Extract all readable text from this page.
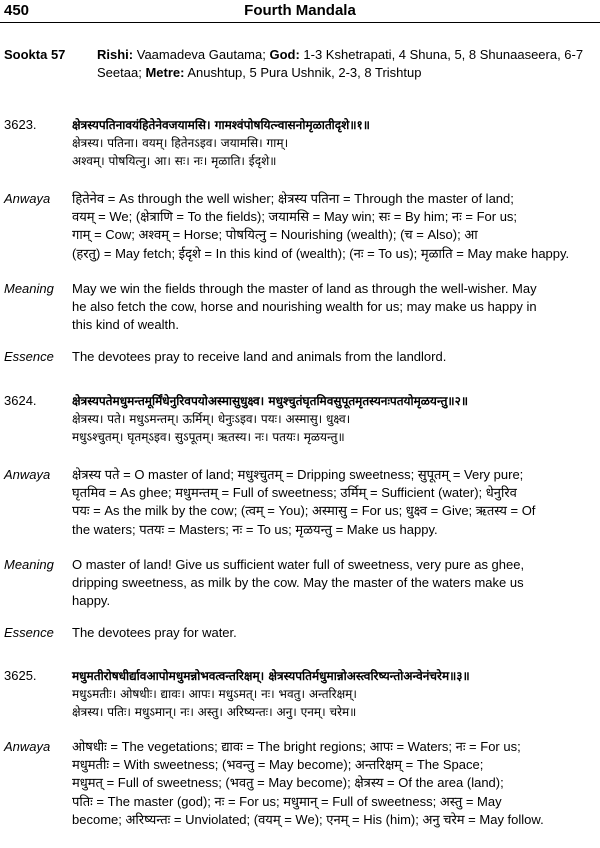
450	Fourth Mandala
Sookta 57 Rishi: Vaamadeva Gautama; God: 1-3 Kshetrapati, 4 Shuna, 5, 8 Shunaaseera, 6-7 Seetaa; Metre: Anushtup, 5 Pura Ushnik, 2-3, 8 Trishtup
3623.	क्षेत्रस्यपतिनावयंहितेनेवजयामसि। गामश्वंपोषयित्न्वासनोमृळातीदृशे॥१॥

क्षेत्रस्य। पतिना। वयम्। हितेनऽइव। जयामसि। गाम्।

अश्वम्। पोषयित्नु। आ। सः। नः। मृळाति। ईदृशे॥

Anwaya हितेनेव = As through the well wisher; क्षेत्रस्य पतिना = Through the master of land;

वयम् = We; (क्षेत्राणि = To the fields); जयामसि = May win; सः = By him; नः = For us;

गाम् = Cow; अश्वम् = Horse; पोषयित्नु = Nourishing (wealth); (च = Also); आ

(हरतु) = May fetch; ईदृशे = In this kind of (wealth); (नः = To us); मृळाति = May make happy.

Meaning May we win the fields through the master of land as through the well-wisher. May

he also fetch the cow, horse and nourishing wealth for us; may make us happy in

this kind of wealth.

Essence The devotees pray to receive land and animals from the landlord.

3624.	क्षेत्रस्यपतेमधुमन्तमूर्मिंधेनुरिवपयोअस्मासुधुक्ष्व। मधुश्चुतंघृतमिवसुपूतमृतस्यनःपतयोमृळयन्तु॥२॥

क्षेत्रस्य। पते। मधुऽमन्तम्। ऊर्मिम्। धेनुःऽइव। पयः। अस्मासु। धुक्ष्व।

मधुऽश्चुतम्। घृतम्ऽइव। सुऽपूतम्। ऋतस्य। नः। पतयः। मृळयन्तु॥

Anwaya क्षेत्रस्य पते = O master of land; मधुश्चुतम् = Dripping sweetness; सुपूतम् = Very pure;

घृतमिव = As ghee; मधुमन्तम् = Full of sweetness; उर्मिम् = Sufficient (water); धेनुरिव

पयः = As the milk by the cow; (त्वम् = You); अस्मासु = For us; धुक्ष्व = Give; ऋतस्य = Of

the waters; पतयः = Masters; नः = To us; मृळयन्तु = Make us happy.

Meaning O master of land! Give us sufficient water full of sweetness, very pure as ghee,

dripping sweetness, as milk by the cow. May the master of the waters make us

happy.

Essence The devotees pray for water.

3625.	मधुमतीरोषधीर्द्यावआपोमधुमन्नोभवत्वन्तरिक्षम्। क्षेत्रस्यपतिर्मधुमान्नोअस्त्वरिष्यन्तोअन्वेनंचरेम॥३॥

मधुऽमतीः। ओषधीः। द्यावः। आपः। मधुऽमत्। नः। भवतु। अन्तरिक्षम्।

क्षेत्रस्य। पतिः। मधुऽमान्। नः। अस्तु। अरिष्यन्तः। अनु। एनम्। चरेम॥

Anwaya ओषधीः = The vegetations; द्यावः = The bright regions; आपः = Waters; नः = For us;

मधुमतीः = With sweetness; (भवन्तु = May become); अन्तरिक्षम् = The Space;

मधुमत् = Full of sweetness; (भवतु = May become); क्षेत्रस्य = Of the area (land);

पतिः = The master (god); नः = For us; मधुमान् = Full of sweetness; अस्तु = May

become; अरिष्यन्तः = Unviolated; (वयम् = We); एनम् = His (him); अनु चरेम = May follow.
